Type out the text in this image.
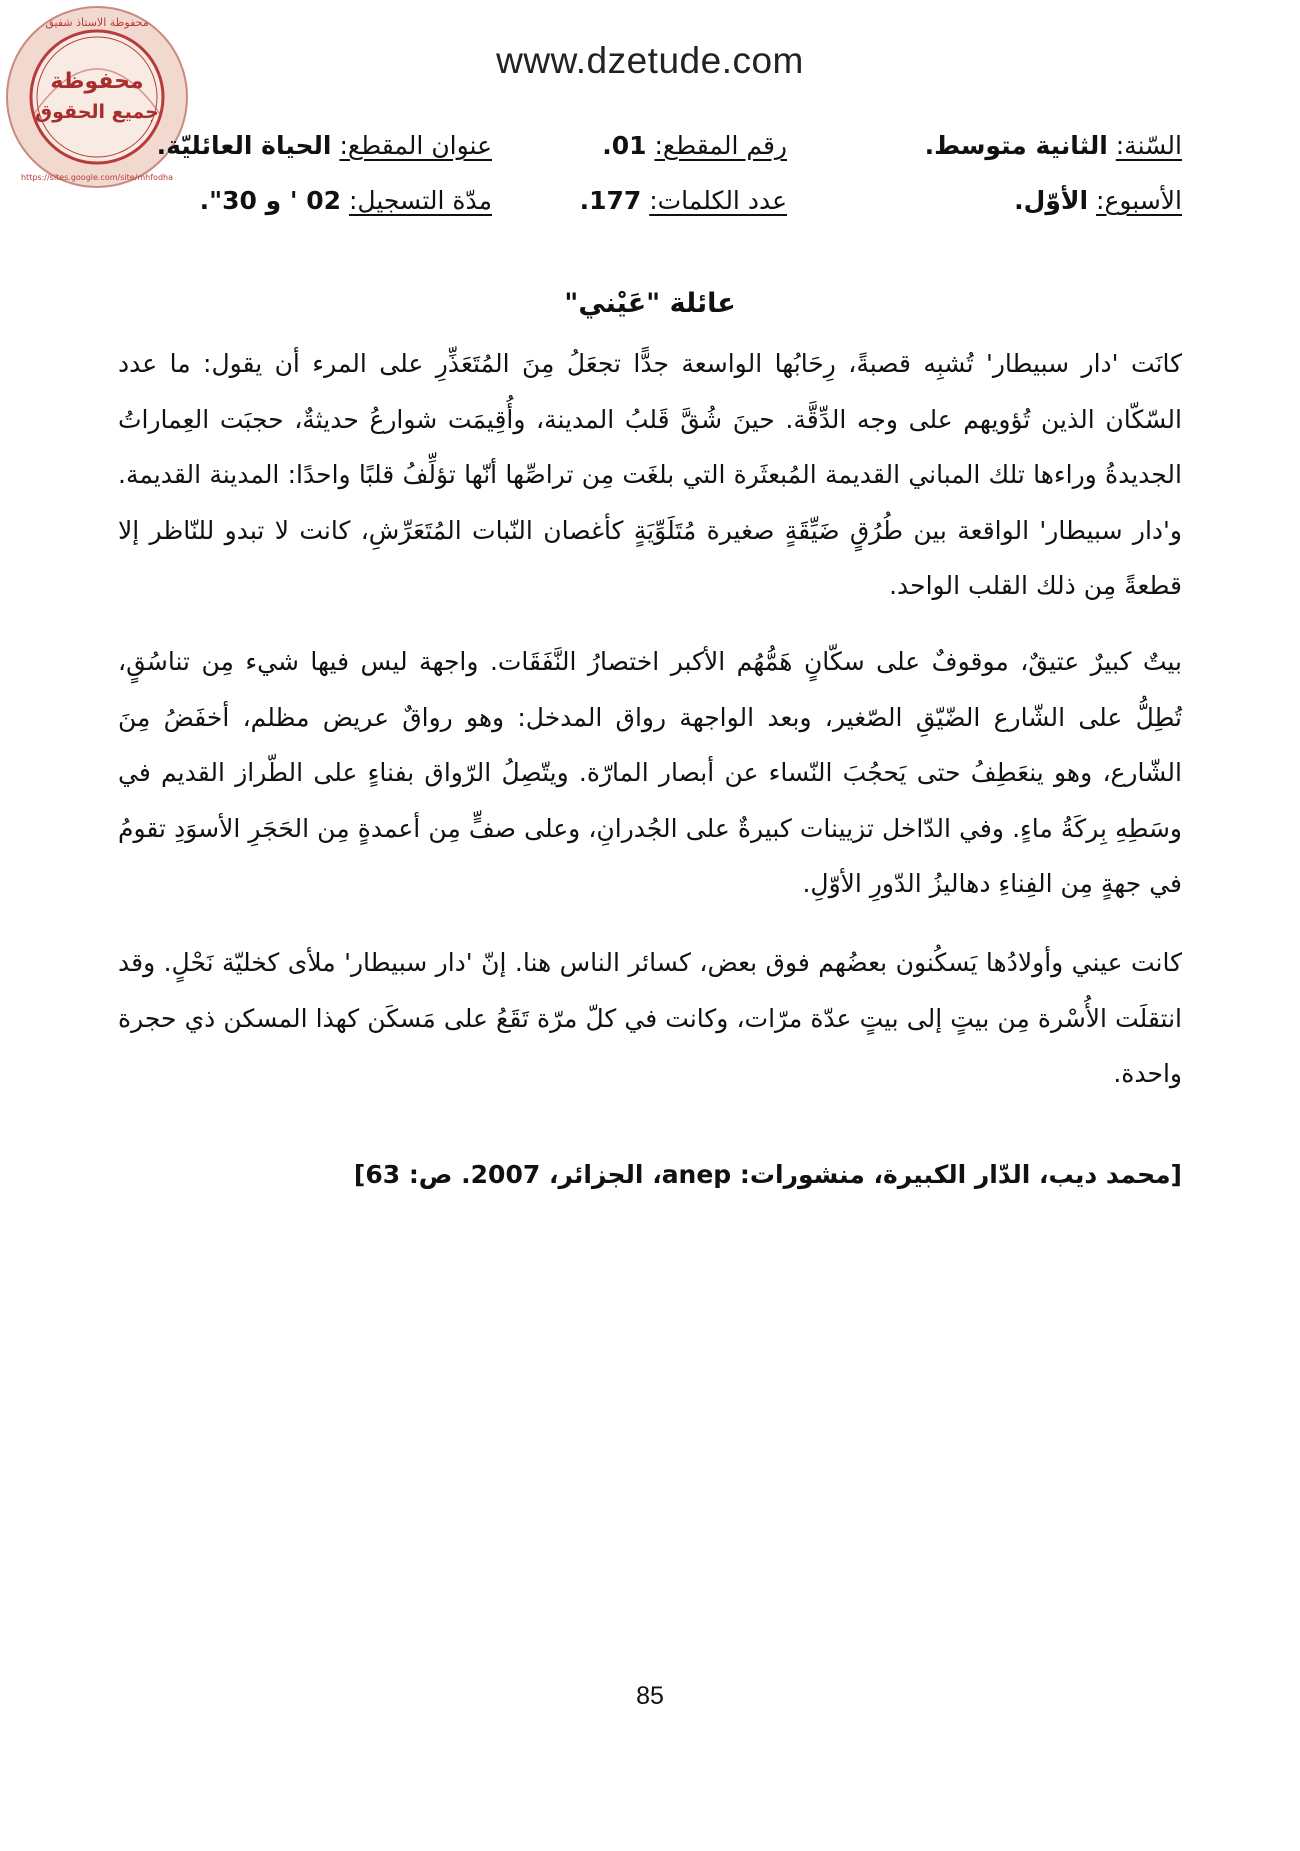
www.dzetude.com
محفوظة
جميع الحقوق
محفوظة الاستاذ شفيق
https://sites.google.com/site/mhfodha
السّنة: الثانية متوسط.
رقم المقطع: 01.
عنوان المقطع: الحياة العائليّة.
الأسبوع: الأوّل.
عدد الكلمات: 177.
مدّة التسجيل: 02 ' و 30".
عائلة "عَيْني"

كانَت 'دار سبيطار' تُشبِه قصبةً، رِحَابُها الواسعة جدًّا تجعَلُ مِنَ المُتَعَذِّرِ على المرء أن يقول: ما عدد السّكّان الذين تُؤويهم على وجه الدِّقَّة. حينَ شُقَّ قَلبُ المدينة، وأُقِيمَت شوارعُ حديثةٌ، حجبَت العِماراتُ الجديدةُ وراءها تلك المباني القديمة المُبعثَرة التي بلغَت مِن تراصِّها أنّها تؤلِّفُ قلبًا واحدًا: المدينة القديمة. و'دار سبيطار' الواقعة بين طُرُقٍ ضَيِّقَةٍ صغيرة مُتَلَوِّيَةٍ كأغصان النّبات المُتَعَرِّشِ، كانت لا تبدو للنّاظر إلا قطعةً مِن ذلك القلب الواحد.

بيتٌ كبيرٌ عتيقٌ، موقوفٌ على سكّانٍ هَمُّهُم الأكبر اختصارُ النَّفَقَات. واجهة ليس فيها شيء مِن تناسُقٍ، تُطِلُّ على الشّارع الضّيّقِ الصّغير، وبعد الواجهة رواق المدخل: وهو رواقٌ عريض مظلم، أخفَضُ مِنَ الشّارع، وهو ينعَطِفُ حتى يَحجُبَ النّساء عن أبصار المارّة. ويتّصِلُ الرّواق بفناءٍ على الطّراز القديم في وسَطِهِ بِركَةُ ماءٍ. وفي الدّاخل تزيينات كبيرةٌ على الجُدرانِ، وعلى صفٍّ مِن أعمدةٍ مِن الحَجَرِ الأسوَدِ تقومُ في جهةٍ مِن الفِناءِ دهاليزُ الدّورِ الأوّلِ.

كانت عيني وأولادُها يَسكُنون بعضُهم فوق بعض، كسائر الناس هنا. إنّ 'دار سبيطار' ملأى كخليّة نَحْلٍ. وقد انتقلَت الأُسْرة مِن بيتٍ إلى بيتٍ عدّة مرّات، وكانت في كلّ مرّة تَقَعُ على مَسكَن كهذا المسكن ذي حجرة واحدة.

[محمد ديب، الدّار الكبيرة، منشورات: anep، الجزائر، 2007. ص: 63]
85
